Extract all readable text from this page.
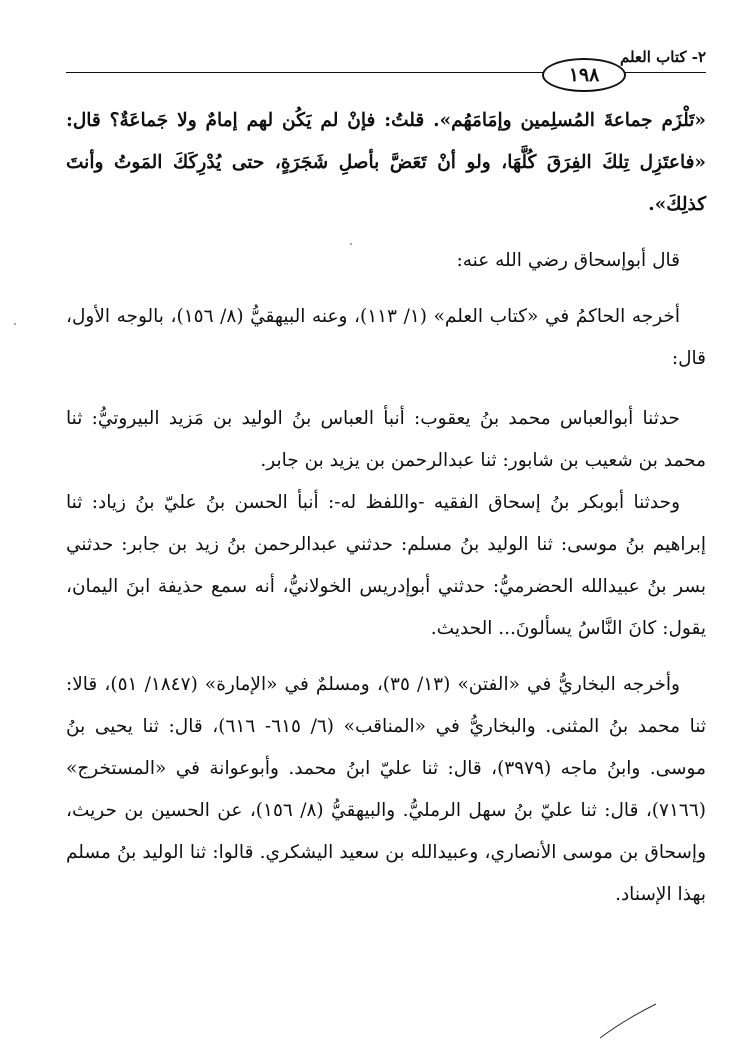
١٩٨
٢- كتاب العلم

«تَلْزَم جماعةَ المُسلِمين وإمَامَهُم». قلتُ: فإنْ لم يَكُن لهم إمامٌ ولا جَماعَةٌ؟ قال: «فاعتَزِل تِلكَ الفِرَقَ كُلَّهَا، ولو أنْ تَعَضَّ بأصلِ شَجَرَةٍ، حتى يُدْرِكَكَ المَوتُ وأنتَ كذلِكَ».

قال أبوإسحاق رضي الله عنه:

أخرجه الحاكمُ في «كتاب العلم» (١/ ١١٣)، وعنه البيهقيُّ (٨/ ١٥٦)، بالوجه الأول، قال:

حدثنا أبوالعباس محمد بنُ يعقوب: أنبأ العباس بنُ الوليد بن مَزيد البيروتيُّ: ثنا محمد بن شعيب بن شابور: ثنا عبدالرحمن بن يزيد بن جابر.

وحدثنا أبوبكر بنُ إسحاق الفقيه -واللفظ له-: أنبأ الحسن بنُ عليّ بنُ زياد: ثنا إبراهيم بنُ موسى: ثنا الوليد بنُ مسلم: حدثني عبدالرحمن بنُ زيد بن جابر: حدثني بسر بنُ عبيدالله الحضرميُّ: حدثني أبوإدريس الخولانيُّ، أنه سمع حذيفة ابنَ اليمان، يقول: كانَ النَّاسُ يسألونَ... الحديث.

وأخرجه البخاريُّ في «الفتن» (١٣/ ٣٥)، ومسلمٌ في «الإمارة» (١٨٤٧/ ٥١)، قالا: ثنا محمد بنُ المثنى. والبخاريُّ في «المناقب» (٦/ ٦١٥- ٦١٦)، قال: ثنا يحيى بنُ موسى. وابنُ ماجه (٣٩٧٩)، قال: ثنا عليّ ابنُ محمد. وأبوعوانة في «المستخرج» (٧١٦٦)، قال: ثنا عليّ بنُ سهل الرمليُّ. والبيهقيُّ (٨/ ١٥٦)، عن الحسين بن حريث، وإسحاق بن موسى الأنصاري، وعبيدالله بن سعيد اليشكري. قالوا: ثنا الوليد بنُ مسلم بهذا الإسناد.
